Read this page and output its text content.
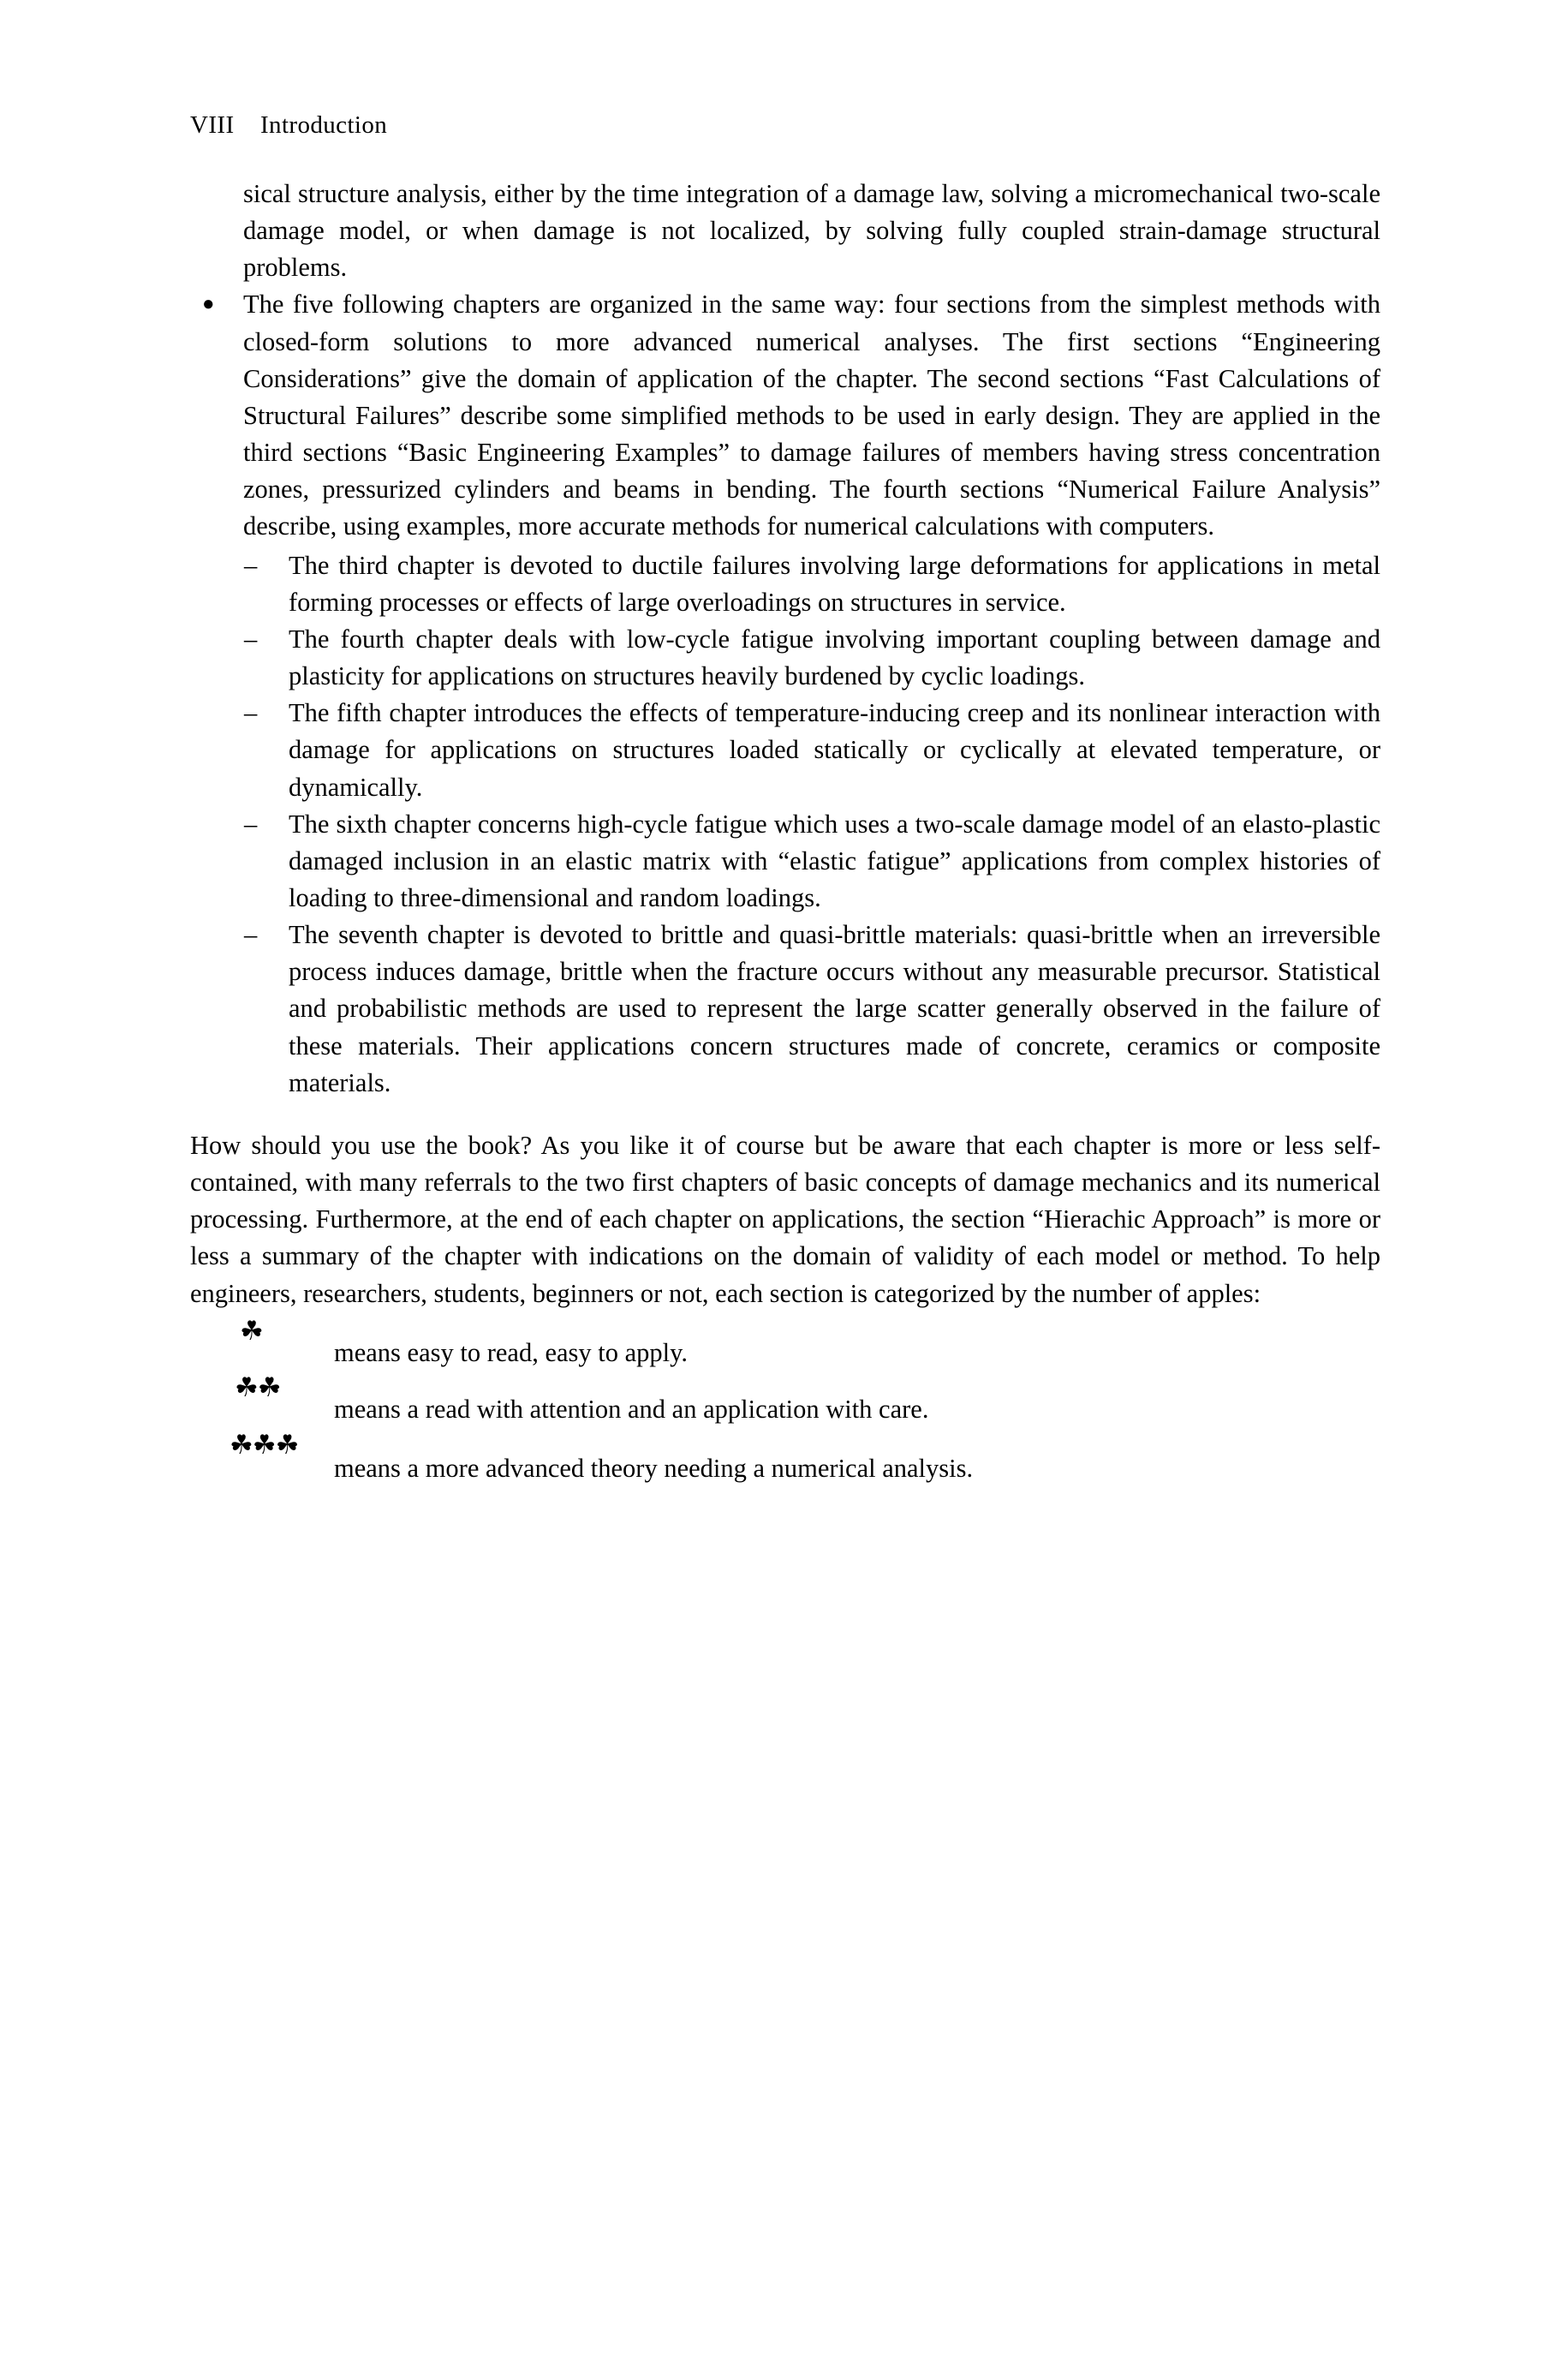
VIII Introduction

sical structure analysis, either by the time integration of a damage law, solving a micromechanical two-scale damage model, or when damage is not localized, by solving fully coupled strain-damage structural problems.

● The five following chapters are organized in the same way: four sections from the simplest methods with closed-form solutions to more advanced numerical analyses. The first sections “Engineering Considerations” give the domain of application of the chapter. The second sections “Fast Calculations of Structural Failures” describe some simplified methods to be used in early design. They are applied in the third sections “Basic Engineering Examples” to damage failures of members having stress concentration zones, pressurized cylinders and beams in bending. The fourth sections “Numerical Failure Analysis” describe, using examples, more accurate methods for numerical calculations with computers.

– The third chapter is devoted to ductile failures involving large deformations for applications in metal forming processes or effects of large overloadings on structures in service.

– The fourth chapter deals with low-cycle fatigue involving important coupling between damage and plasticity for applications on structures heavily burdened by cyclic loadings.

– The fifth chapter introduces the effects of temperature-inducing creep and its nonlinear interaction with damage for applications on structures loaded statically or cyclically at elevated temperature, or dynamically.

– The sixth chapter concerns high-cycle fatigue which uses a two-scale damage model of an elasto-plastic damaged inclusion in an elastic matrix with “elastic fatigue” applications from complex histories of loading to three-dimensional and random loadings.

– The seventh chapter is devoted to brittle and quasi-brittle materials: quasi-brittle when an irreversible process induces damage, brittle when the fracture occurs without any measurable precursor. Statistical and probabilistic methods are used to represent the large scatter generally observed in the failure of these materials. Their applications concern structures made of concrete, ceramics or composite materials.

How should you use the book? As you like it of course but be aware that each chapter is more or less self-contained, with many referrals to the two first chapters of basic concepts of damage mechanics and its numerical processing. Furthermore, at the end of each chapter on applications, the section “Hierachic Approach” is more or less a summary of the chapter with indications on the domain of validity of each model or method. To help engineers, researchers, students, beginners or not, each section is categorized by the number of apples:

☘
means easy to read, easy to apply.
☘☘
means a read with attention and an application with care.
☘☘☘
means a more advanced theory needing a numerical analysis.
